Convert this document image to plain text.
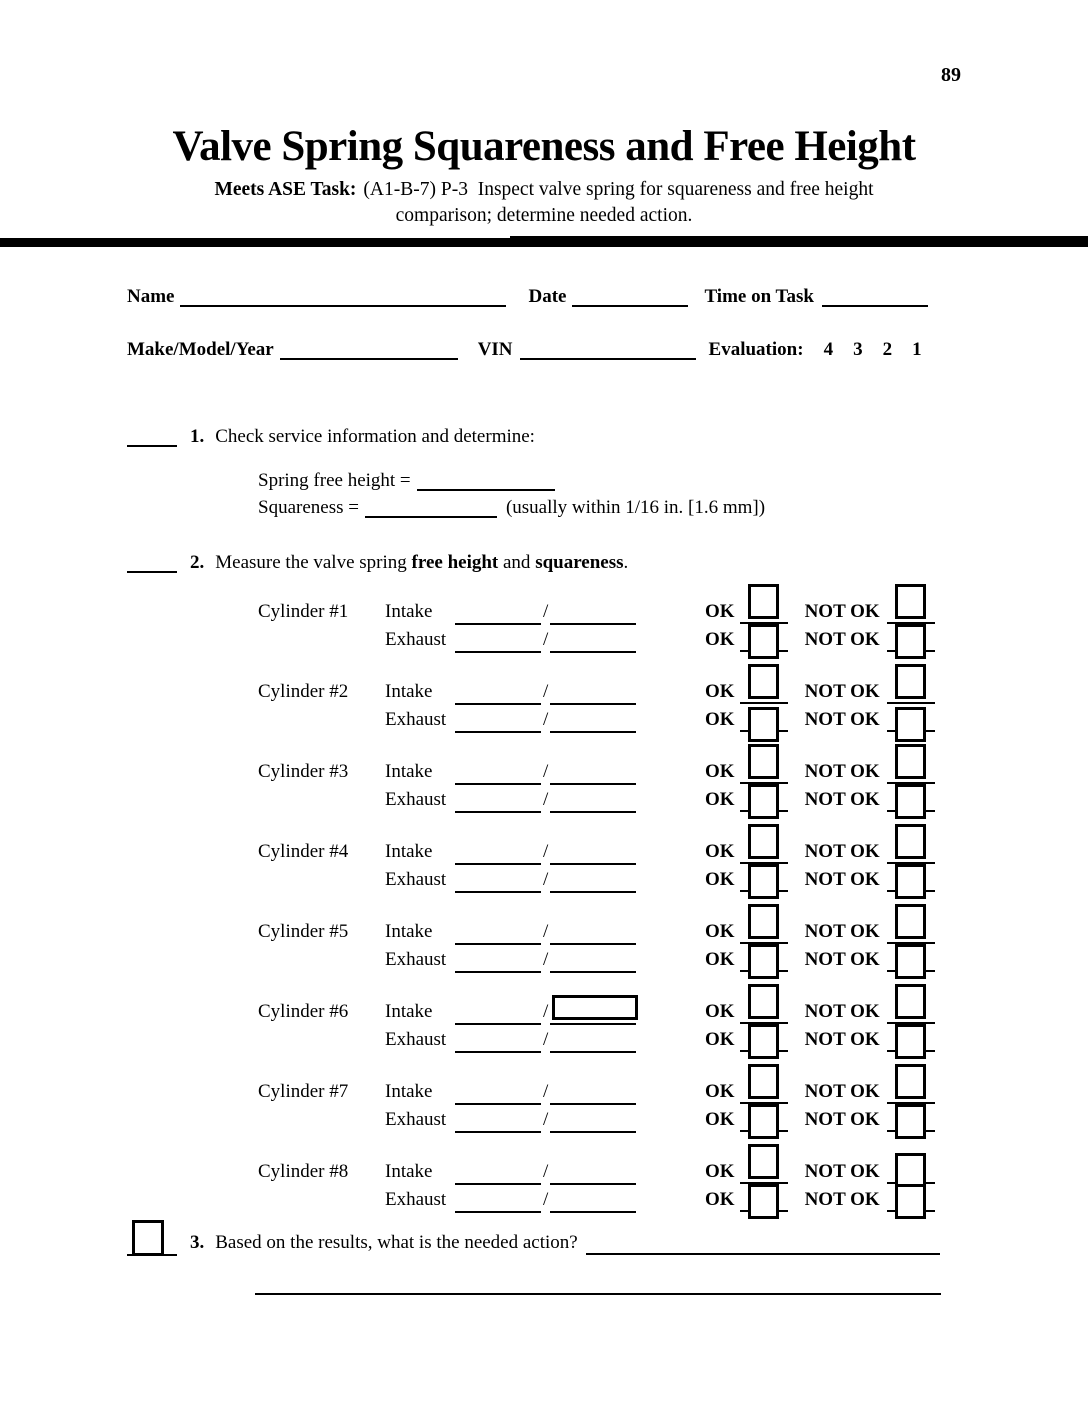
89
Valve Spring Squareness and Free Height
Meets ASE Task: (A1-B-7) P-3  Inspect valve spring for squareness and free height
comparison; determine needed action.
Name	Date	Time on Task
Make/Model/Year	VIN	Evaluation: 4 3 2 1
1. Check service information and determine:
Spring free height =
Squareness =	(usually within 1/16 in. [1.6 mm])
2. Measure the valve spring free height and squareness.
Cylinder #1 Intake	/	OK	NOT OK
Exhaust	/	OK	NOT OK
Cylinder #2 Intake	/	OK	NOT OK
Exhaust	/	OK	NOT OK
Cylinder #3 Intake	/	OK	NOT OK
Exhaust	/	OK	NOT OK
Cylinder #4 Intake	/	OK	NOT OK
Exhaust	/	OK	NOT OK
Cylinder #5 Intake	/	OK	NOT OK
Exhaust	/	OK	NOT OK
Cylinder #6 Intake	/	OK	NOT OK
Exhaust	/	OK	NOT OK
Cylinder #7 Intake	/	OK	NOT OK
Exhaust	/	OK	NOT OK
Cylinder #8 Intake	/	OK	NOT OK
Exhaust	/	OK	NOT OK
3. Based on the results, what is the needed action?
